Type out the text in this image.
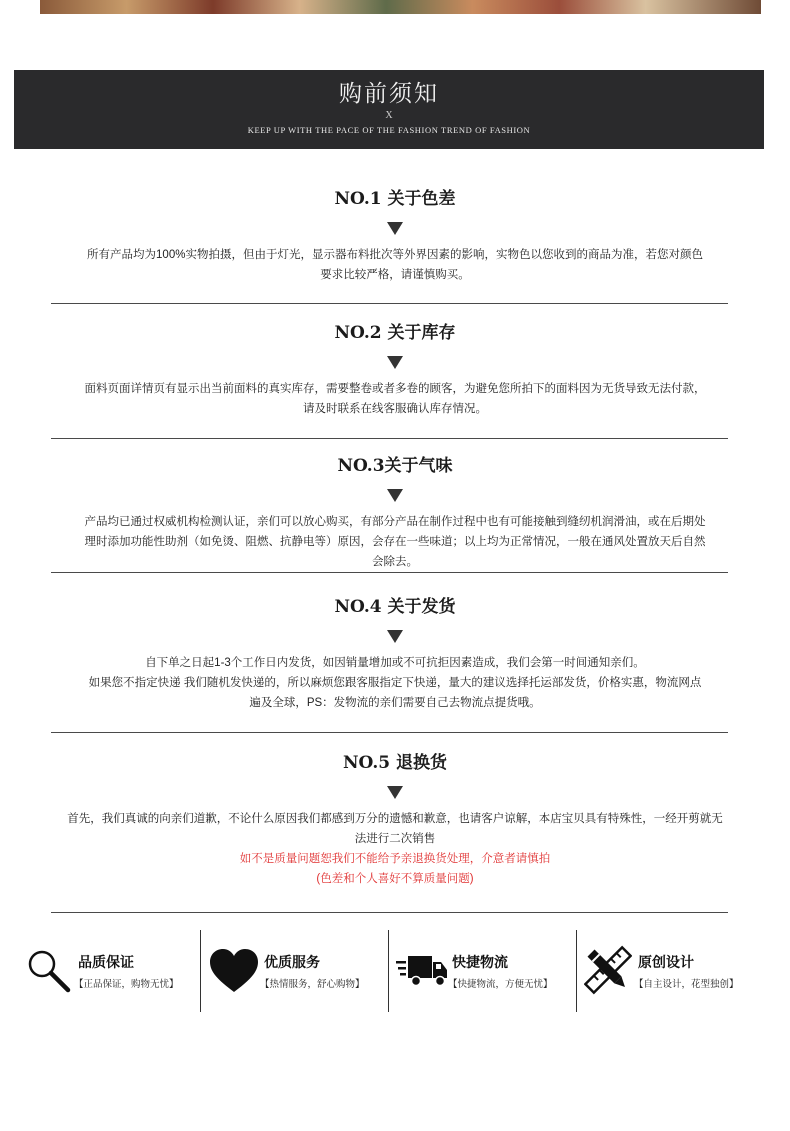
购前须知
X
KEEP UP WITH THE PACE OF THE FASHION TREND OF FASHION
NO.1 关于色差

所有产品均为100%实物拍摄，但由于灯光，显示器布料批次等外界因素的影响，实物色以您收到的商品为准，若您对颜色

要求比较严格，请谨慎购买。

NO.2 关于库存

面料页面详情页有显示出当前面料的真实库存，需要整卷或者多卷的顾客，为避免您所拍下的面料因为无货导致无法付款，

请及时联系在线客服确认库存情况。

NO.3关于气味

产品均已通过权威机构检测认证，亲们可以放心购买，有部分产品在制作过程中也有可能接触到缝纫机润滑油，或在后期处

理时添加功能性助剂（如免烫、阻燃、抗静电等）原因，会存在一些味道；以上均为正常情况，一般在通风处置放天后自然

会除去。

NO.4 关于发货

自下单之日起1-3个工作日内发货，如因销量增加或不可抗拒因素造成，我们会第一时间通知亲们。

如果您不指定快递 我们随机发快递的，所以麻烦您跟客服指定下快递，量大的建议选择托运部发货，价格实惠，物流网点

遍及全球，PS：发物流的亲们需要自己去物流点提货哦。

NO.5 退换货

首先，我们真诚的向亲们道歉，不论什么原因我们都感到万分的遗憾和歉意，也请客户谅解，本店宝贝具有特殊性，一经开剪就无

法进行二次销售

如不是质量问题恕我们不能给予亲退换货处理，介意者请慎拍

(色差和个人喜好不算质量问题)

品质保证
【正品保证，购物无忧】
优质服务
【热情服务，舒心购物】
快捷物流
【快捷物流，方便无忧】
原创设计
【自主设计，花型独创】
